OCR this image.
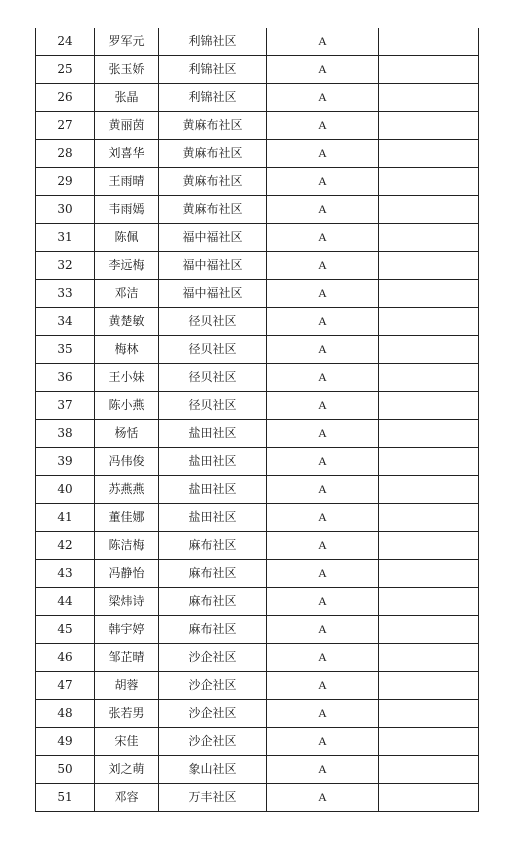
24	罗军元	利锦社区	A	
25	张玉娇	利锦社区	A	
26	张晶	利锦社区	A	
27	黄丽茵	黄麻布社区	A	
28	刘喜华	黄麻布社区	A	
29	王雨晴	黄麻布社区	A	
30	韦雨嫣	黄麻布社区	A	
31	陈佩	福中福社区	A	
32	李远梅	福中福社区	A	
33	邓洁	福中福社区	A	
34	黄楚敏	径贝社区	A	
35	梅林	径贝社区	A	
36	王小妹	径贝社区	A	
37	陈小燕	径贝社区	A	
38	杨恬	盐田社区	A	
39	冯伟俊	盐田社区	A	
40	苏燕燕	盐田社区	A	
41	董佳娜	盐田社区	A	
42	陈洁梅	麻布社区	A	
43	冯静怡	麻布社区	A	
44	梁炜诗	麻布社区	A	
45	韩宇婷	麻布社区	A	
46	邹芷晴	沙企社区	A	
47	胡蓉	沙企社区	A	
48	张若男	沙企社区	A	
49	宋佳	沙企社区	A	
50	刘之萌	象山社区	A	
51	邓容	万丰社区	A	
